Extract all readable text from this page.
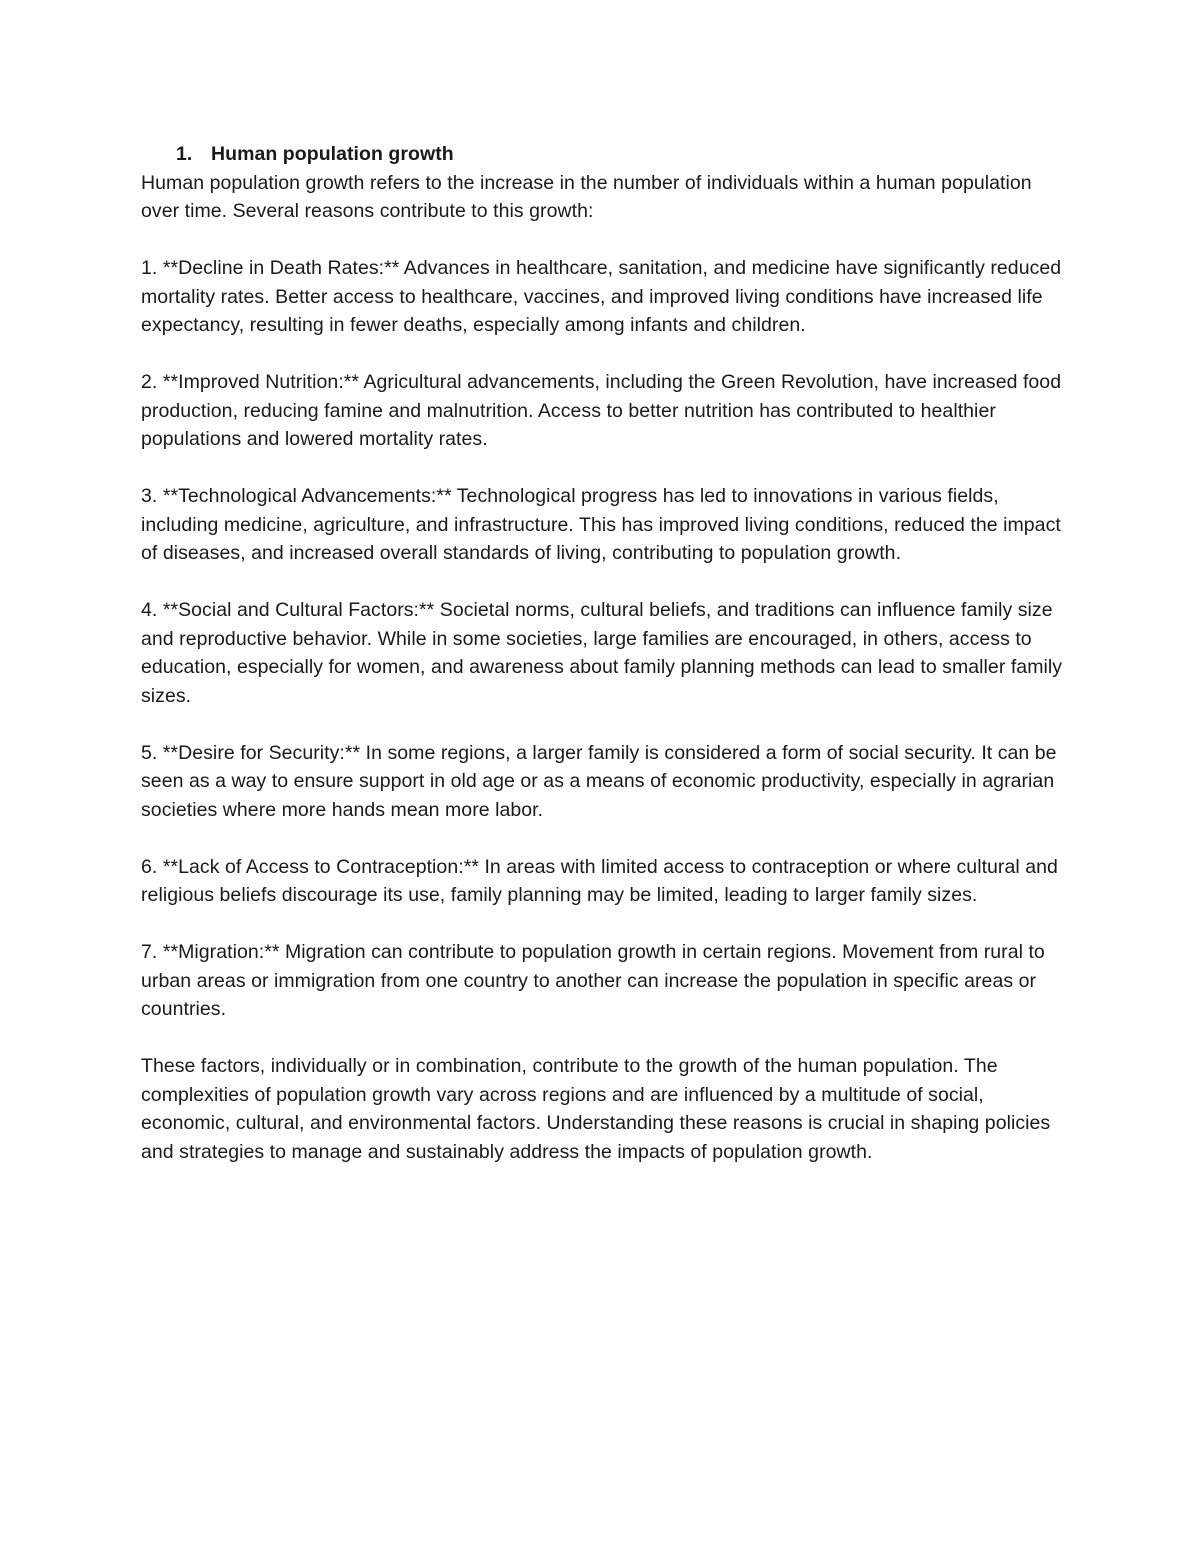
1. Human population growth

Human population growth refers to the increase in the number of individuals within a human population over time. Several reasons contribute to this growth:

1. **Decline in Death Rates:** Advances in healthcare, sanitation, and medicine have significantly reduced mortality rates. Better access to healthcare, vaccines, and improved living conditions have increased life expectancy, resulting in fewer deaths, especially among infants and children.

2. **Improved Nutrition:** Agricultural advancements, including the Green Revolution, have increased food production, reducing famine and malnutrition. Access to better nutrition has contributed to healthier populations and lowered mortality rates.

3. **Technological Advancements:** Technological progress has led to innovations in various fields, including medicine, agriculture, and infrastructure. This has improved living conditions, reduced the impact of diseases, and increased overall standards of living, contributing to population growth.

4. **Social and Cultural Factors:** Societal norms, cultural beliefs, and traditions can influence family size and reproductive behavior. While in some societies, large families are encouraged, in others, access to education, especially for women, and awareness about family planning methods can lead to smaller family sizes.

5. **Desire for Security:** In some regions, a larger family is considered a form of social security. It can be seen as a way to ensure support in old age or as a means of economic productivity, especially in agrarian societies where more hands mean more labor.

6. **Lack of Access to Contraception:** In areas with limited access to contraception or where cultural and religious beliefs discourage its use, family planning may be limited, leading to larger family sizes.

7. **Migration:** Migration can contribute to population growth in certain regions. Movement from rural to urban areas or immigration from one country to another can increase the population in specific areas or countries.

These factors, individually or in combination, contribute to the growth of the human population. The complexities of population growth vary across regions and are influenced by a multitude of social, economic, cultural, and environmental factors. Understanding these reasons is crucial in shaping policies and strategies to manage and sustainably address the impacts of population growth.
